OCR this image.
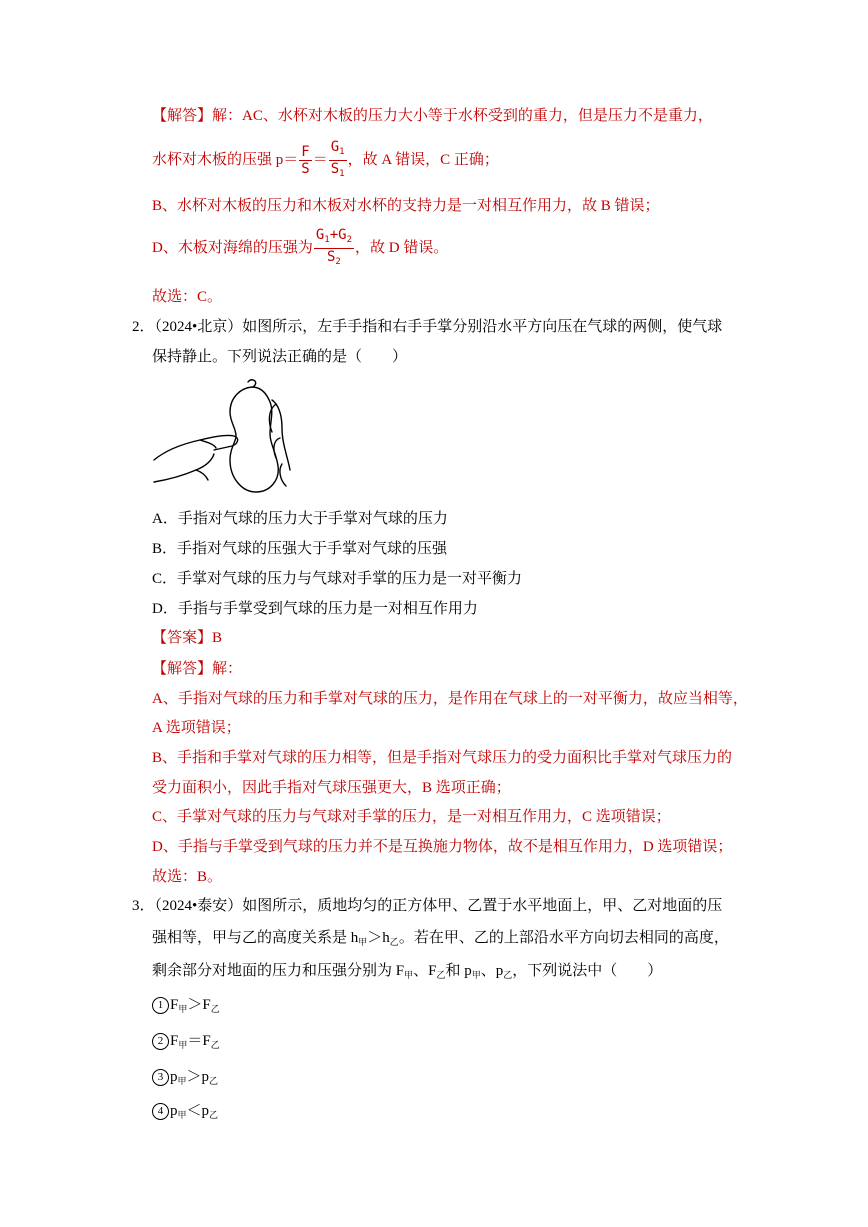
【解答】解：AC、水杯对木板的压力大小等于水杯受到的重力，但是压力不是重力，
水杯对木板的压强 $p= \frac{F}{S} = \frac{G_1}{S_1}$ ，故 A 错误，C 正确；
B、水杯对木板的压力和木板对水杯的支持力是一对相互作用力，故 B 错误；
D、木板对海绵的压强为 $\frac{G_1+G_2}{S_2}$ ，故 D 错误。
故选：C。
2．（2024•北京）如图所示，左手手指和右手手掌分别沿水平方向压在气球的两侧，使气球
保持静止。下列说法正确的是（　　）
A．手指对气球的压力大于手掌对气球的压力
B．手指对气球的压强大于手掌对气球的压强
C．手掌对气球的压力与气球对手掌的压力是一对平衡力
D．手指与手掌受到气球的压力是一对相互作用力
【答案】B
【解答】解：
A、手指对气球的压力和手掌对气球的压力，是作用在气球上的一对平衡力，故应当相等，
A 选项错误；
B、手指和手掌对气球的压力相等，但是手指对气球压力的受力面积比手掌对气球压力的
受力面积小，因此手指对气球压强更大，B 选项正确；
C、手掌对气球的压力与气球对手掌的压力，是一对相互作用力，C 选项错误；
D、手指与手掌受到气球的压力并不是互换施力物体，故不是相互作用力，D 选项错误；
故选：B。
3．（2024•泰安）如图所示，质地均匀的正方体甲、乙置于水平地面上，甲、乙对地面的压
强相等，甲与乙的高度关系是 $h_甲>h_乙$。若在甲、乙的上部沿水平方向切去相同的高度，
剩余部分对地面的压力和压强分别为 $F_甲$、$F_乙$和 $p_甲$、$p_乙$，下列说法中（　　）
1 $F_甲>F_乙$
2 $F_甲=F_乙$
3 $p_甲>p_乙$
4 $p_甲<p_乙$
